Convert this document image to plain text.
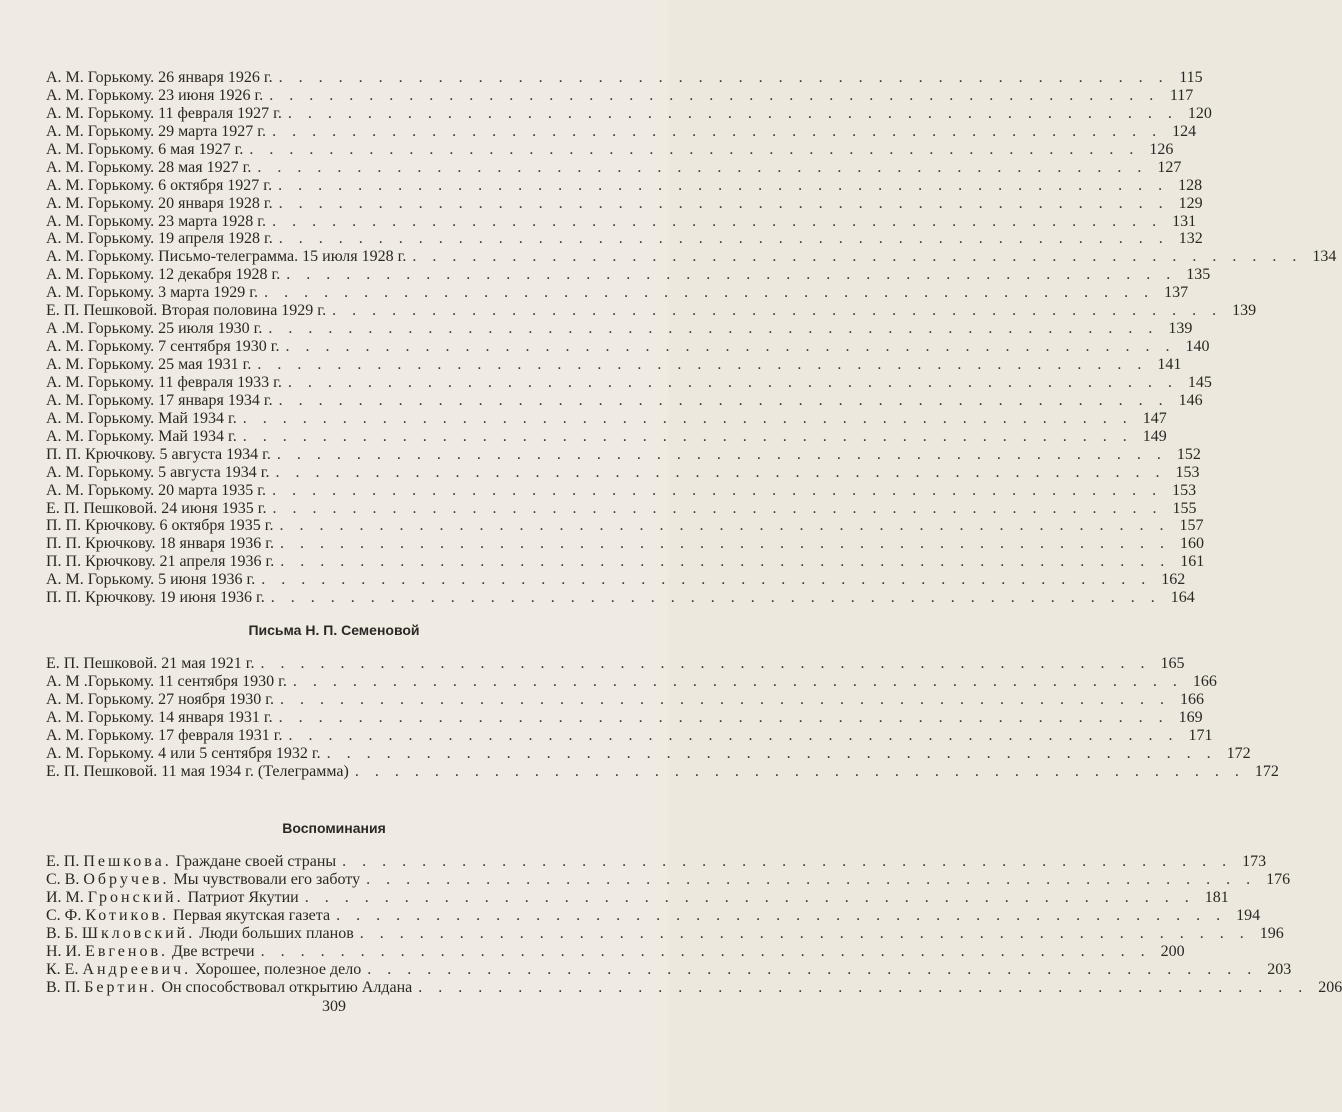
А. М. Горькому. 26 января 1926 г. . . . . . . . . . . . . . . . . . . . . . . . . . . . . . . . . . . . . . . . . . . . . . 115
А. М. Горькому. 23 июня 1926 г. . . . . . . . . . . . . . . . . . . . . . . . . . . . . . . . . . . . . . . . . . . . . . 117
А. М. Горькому. 11 февраля 1927 г. . . . . . . . . . . . . . . . . . . . . . . . . . . . . . . . . . . . . . . . . . . . . . 120
А. М. Горькому. 29 марта 1927 г. . . . . . . . . . . . . . . . . . . . . . . . . . . . . . . . . . . . . . . . . . . . . . 124
А. М. Горькому. 6 мая 1927 г. . . . . . . . . . . . . . . . . . . . . . . . . . . . . . . . . . . . . . . . . . . . . . 126
А. М. Горькому. 28 мая 1927 г. . . . . . . . . . . . . . . . . . . . . . . . . . . . . . . . . . . . . . . . . . . . . . 127
А. М. Горькому. 6 октября 1927 г. . . . . . . . . . . . . . . . . . . . . . . . . . . . . . . . . . . . . . . . . . . . . . 128
А. М. Горькому. 20 января 1928 г. . . . . . . . . . . . . . . . . . . . . . . . . . . . . . . . . . . . . . . . . . . . . . 129
А. М. Горькому. 23 марта 1928 г. . . . . . . . . . . . . . . . . . . . . . . . . . . . . . . . . . . . . . . . . . . . . . 131
А. М. Горькому. 19 апреля 1928 г. . . . . . . . . . . . . . . . . . . . . . . . . . . . . . . . . . . . . . . . . . . . . . 132
А. М. Горькому. Письмо-телеграмма. 15 июля 1928 г. . . . . . . . . . . . . . . . . . . . . . . . . . . . . . . . . . . . . . . . . . . . . . 134
А. М. Горькому. 12 декабря 1928 г. . . . . . . . . . . . . . . . . . . . . . . . . . . . . . . . . . . . . . . . . . . . . . 135
А. М. Горькому. 3 марта 1929 г. . . . . . . . . . . . . . . . . . . . . . . . . . . . . . . . . . . . . . . . . . . . . . 137
Е. П. Пешковой. Вторая половина 1929 г. . . . . . . . . . . . . . . . . . . . . . . . . . . . . . . . . . . . . . . . . . . . . . 139
А .М. Горькому. 25 июля 1930 г. . . . . . . . . . . . . . . . . . . . . . . . . . . . . . . . . . . . . . . . . . . . . . 139
А. М. Горькому. 7 сентября 1930 г. . . . . . . . . . . . . . . . . . . . . . . . . . . . . . . . . . . . . . . . . . . . . . 140
А. М. Горькому. 25 мая 1931 г. . . . . . . . . . . . . . . . . . . . . . . . . . . . . . . . . . . . . . . . . . . . . . 141
А. М. Горькому. 11 февраля 1933 г. . . . . . . . . . . . . . . . . . . . . . . . . . . . . . . . . . . . . . . . . . . . . . 145
А. М. Горькому. 17 января 1934 г. . . . . . . . . . . . . . . . . . . . . . . . . . . . . . . . . . . . . . . . . . . . . . 146
А. М. Горькому. Май 1934 г. . . . . . . . . . . . . . . . . . . . . . . . . . . . . . . . . . . . . . . . . . . . . . 147
А. М. Горькому. Май 1934 г. . . . . . . . . . . . . . . . . . . . . . . . . . . . . . . . . . . . . . . . . . . . . . 149
П. П. Крючкову. 5 августа 1934 г. . . . . . . . . . . . . . . . . . . . . . . . . . . . . . . . . . . . . . . . . . . . . . 152
А. М. Горькому. 5 августа 1934 г. . . . . . . . . . . . . . . . . . . . . . . . . . . . . . . . . . . . . . . . . . . . . . 153
А. М. Горькому. 20 марта 1935 г. . . . . . . . . . . . . . . . . . . . . . . . . . . . . . . . . . . . . . . . . . . . . . 153
Е. П. Пешковой. 24 июня 1935 г. . . . . . . . . . . . . . . . . . . . . . . . . . . . . . . . . . . . . . . . . . . . . . 155
П. П. Крючкову. 6 октября 1935 г. . . . . . . . . . . . . . . . . . . . . . . . . . . . . . . . . . . . . . . . . . . . . . 157
П. П. Крючкову. 18 января 1936 г. . . . . . . . . . . . . . . . . . . . . . . . . . . . . . . . . . . . . . . . . . . . . . 160
П. П. Крючкову. 21 апреля 1936 г. . . . . . . . . . . . . . . . . . . . . . . . . . . . . . . . . . . . . . . . . . . . . . 161
А. М. Горькому. 5 июня 1936 г. . . . . . . . . . . . . . . . . . . . . . . . . . . . . . . . . . . . . . . . . . . . . . 162
П. П. Крючкову. 19 июня 1936 г. . . . . . . . . . . . . . . . . . . . . . . . . . . . . . . . . . . . . . . . . . . . . . 164
Письма Н. П. Семеновой
Е. П. Пешковой. 21 мая 1921 г. . . . . . . . . . . . . . . . . . . . . . . . . . . . . . . . . . . . . . . . . . . . . . 165
А. М .Горькому. 11 сентября 1930 г. . . . . . . . . . . . . . . . . . . . . . . . . . . . . . . . . . . . . . . . . . . . . . 166
А. М. Горькому. 27 ноября 1930 г. . . . . . . . . . . . . . . . . . . . . . . . . . . . . . . . . . . . . . . . . . . . . . 166
А. М. Горькому. 14 января 1931 г. . . . . . . . . . . . . . . . . . . . . . . . . . . . . . . . . . . . . . . . . . . . . . 169
А. М. Горькому. 17 февраля 1931 г. . . . . . . . . . . . . . . . . . . . . . . . . . . . . . . . . . . . . . . . . . . . . . 171
А. М. Горькому. 4 или 5 сентября 1932 г. . . . . . . . . . . . . . . . . . . . . . . . . . . . . . . . . . . . . . . . . . . . . . 172
Е. П. Пешковой. 11 мая 1934 г. (Телеграмма) . . . . . . . . . . . . . . . . . . . . . . . . . . . . . . . . . . . . . . . . . . . . . 172
Воспоминания
Е. П. Пешкова. Граждане своей страны . . . . . . . . . . . . . . . . . . . . . . . . . . . . . . . . . . . . . . . . . . . . . 173
С. В. Обручев. Мы чувствовали его заботу . . . . . . . . . . . . . . . . . . . . . . . . . . . . . . . . . . . . . . . . . . . . . 176
И. М. Гронский. Патриот Якутии . . . . . . . . . . . . . . . . . . . . . . . . . . . . . . . . . . . . . . . . . . . . . 181
С. Ф. Котиков. Первая якутская газета . . . . . . . . . . . . . . . . . . . . . . . . . . . . . . . . . . . . . . . . . . . . . 194
В. Б. Шкловский. Люди больших планов . . . . . . . . . . . . . . . . . . . . . . . . . . . . . . . . . . . . . . . . . . . . . 196
Н. И. Евгенов. Две встречи . . . . . . . . . . . . . . . . . . . . . . . . . . . . . . . . . . . . . . . . . . . . . 200
К. Е. Андреевич. Хорошее, полезное дело . . . . . . . . . . . . . . . . . . . . . . . . . . . . . . . . . . . . . . . . . . . . . 203
В. П. Бертин. Он способствовал открытию Алдана . . . . . . . . . . . . . . . . . . . . . . . . . . . . . . . . . . . . . . . . . . . . . 206
309
